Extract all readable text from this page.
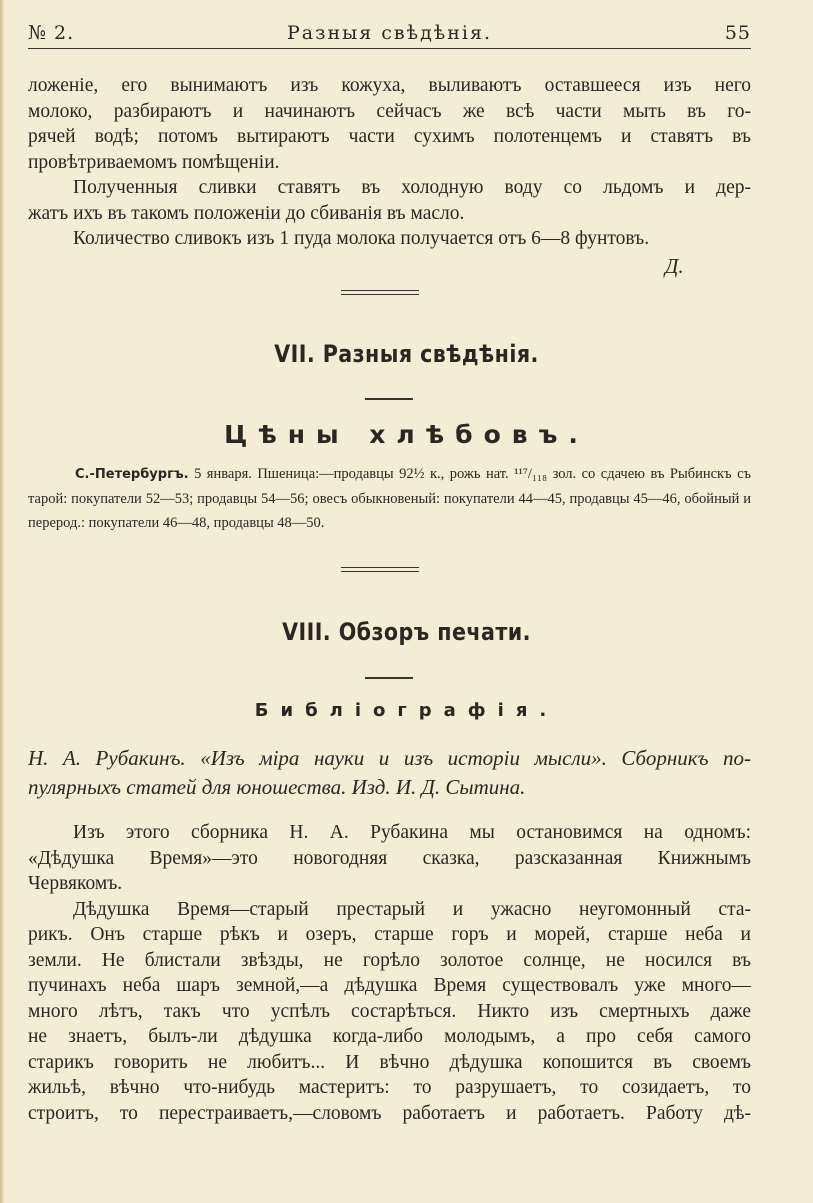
№ 2.	Разныя свѣдѣнія.	55

ложеніе, его вынимаютъ изъ кожуха, выливаютъ оставшееся изъ него

молоко, разбираютъ и начинаютъ сейчасъ же всѣ части мыть въ го-

рячей водѣ; потомъ вытираютъ части сухимъ полотенцемъ и ставятъ въ

провѣтриваемомъ помѣщеніи.

Полученныя сливки ставятъ въ холодную воду со льдомъ и дер-

жатъ ихъ въ такомъ положеніи до сбиванія въ масло.

Количество сливокъ изъ 1 пуда молока получается отъ 6—8 фунтовъ.

Д.
VII. Разныя свѣдѣнія.
Цѣны хлѣбовъ.
С.-Петербургъ. 5 января. Пшеница:—продавцы 92½ к., рожь нат. ¹¹⁷/₁₁₈ зол. со сдачею въ Рыбинскъ съ тарой: покупатели 52—53; продавцы 54—56; овесъ обыкновеный: покупатели 44—45, продавцы 45—46, обойный и перерод.: покупатели 46—48, продавцы 48—50.
VIII. Обзоръ печати.
Библіографія.
Н. А. Рубакинъ. «Изъ міра науки и изъ исторіи мысли». Сборникъ по-
пулярныхъ статей для юношества. Изд. И. Д. Сытина.

Изъ этого сборника Н. А. Рубакина мы остановимся на одномъ:

«Дѣдушка Время»—это новогодняя сказка, разсказанная Книжнымъ

Червякомъ.

Дѣдушка Время—старый престарый и ужасно неугомонный ста-

рикъ. Онъ старше рѣкъ и озеръ, старше горъ и морей, старше неба и

земли. Не блистали звѣзды, не горѣло золотое солнце, не носился въ

пучинахъ неба шаръ земной,—а дѣдушка Время существовалъ уже много—

много лѣтъ, такъ что успѣлъ состарѣться. Никто изъ смертныхъ даже

не знаетъ, былъ-ли дѣдушка когда-либо молодымъ, а про себя самого

старикъ говорить не любитъ... И вѣчно дѣдушка копошится въ своемъ

жильѣ, вѣчно что-нибудь мастеритъ: то разрушаетъ, то созидаетъ, то

строитъ, то перестраиваетъ,—словомъ работаетъ и работаетъ. Работу дѣ-
